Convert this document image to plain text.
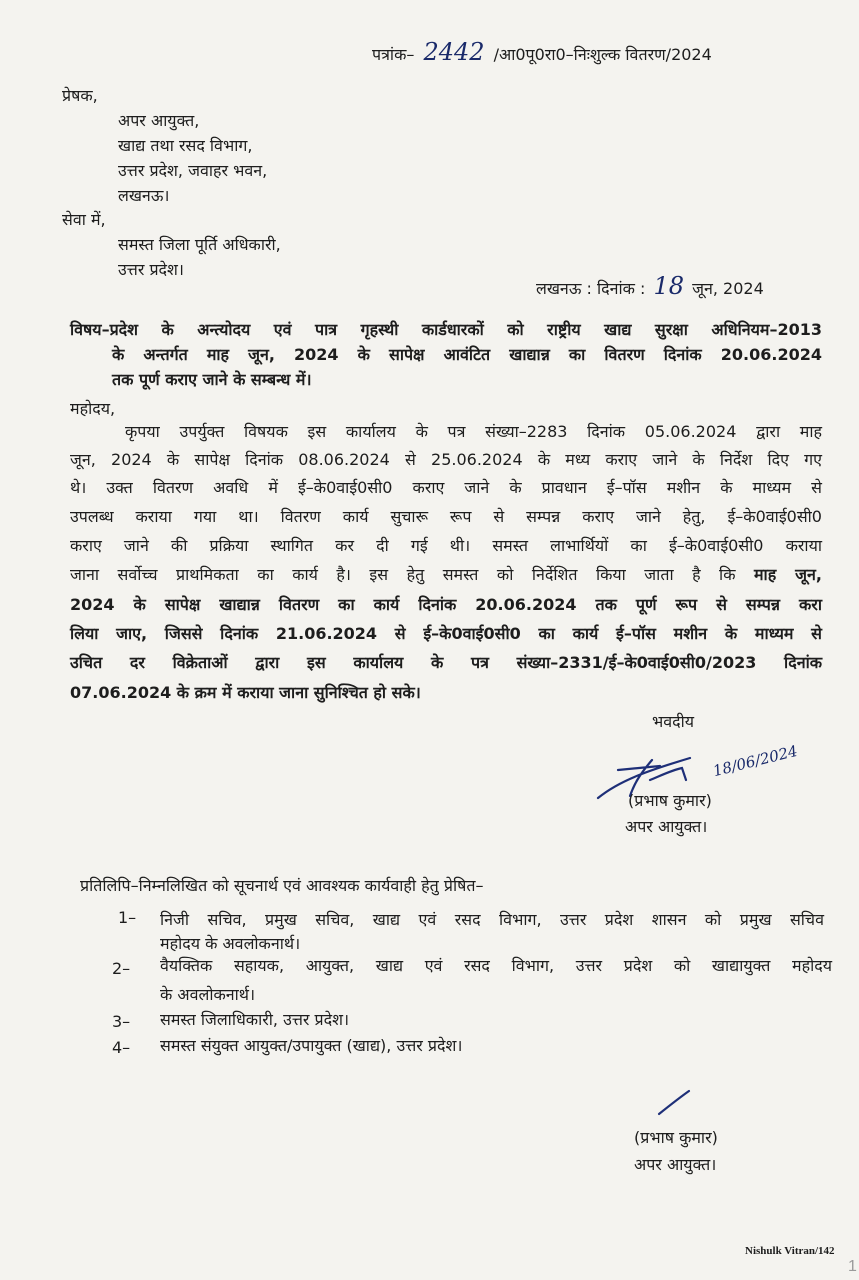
पत्रांक– 2442 /आ0पू0रा0–निःशुल्क वितरण/2024
प्रेषक,
अपर आयुक्त,
खाद्य तथा रसद विभाग,
उत्तर प्रदेश, जवाहर भवन,
लखनऊ।
सेवा में,
समस्त जिला पूर्ति अधिकारी,
उत्तर प्रदेश।
लखनऊ : दिनांक : 18 जून, 2024
विषय–प्रदेश के अन्त्योदय एवं पात्र गृहस्थी कार्डधारकों को राष्ट्रीय खाद्य सुरक्षा अधिनियम–2013
के अन्तर्गत माह जून, 2024 के सापेक्ष आवंटित खाद्यान्न का वितरण दिनांक 20.06.2024
तक पूर्ण कराए जाने के सम्बन्ध में।
महोदय,
कृपया उपर्युक्त विषयक इस कार्यालय के पत्र संख्या–2283 दिनांक 05.06.2024 द्वारा माह
जून, 2024 के सापेक्ष दिनांक 08.06.2024 से 25.06.2024 के मध्य कराए जाने के निर्देश दिए गए
थे। उक्त वितरण अवधि में ई–के0वाई0सी0 कराए जाने के प्रावधान ई–पॉस मशीन के माध्यम से
उपलब्ध कराया गया था। वितरण कार्य सुचारू रूप से सम्पन्न कराए जाने हेतु, ई–के0वाई0सी0
कराए जाने की प्रक्रिया स्थागित कर दी गई थी। समस्त लाभार्थियों का ई–के0वाई0सी0 कराया
जाना सर्वोच्च प्राथमिकता का कार्य है। इस हेतु समस्त को निर्देशित किया जाता है कि माह जून,
2024 के सापेक्ष खाद्यान्न वितरण का कार्य दिनांक 20.06.2024 तक पूर्ण रूप से सम्पन्न करा
लिया जाए, जिससे दिनांक 21.06.2024 से ई–के0वाई0सी0 का कार्य ई–पॉस मशीन के माध्यम से
उचित दर विक्रेताओं द्वारा इस कार्यालय के पत्र संख्या–2331/ई–के0वाई0सी0/2023 दिनांक
07.06.2024 के क्रम में कराया जाना सुनिश्चित हो सके।
भवदीय
18/06/2024
(प्रभाष कुमार)
अपर आयुक्त।
प्रतिलिपि–निम्नलिखित को सूचनार्थ एवं आवश्यक कार्यवाही हेतु प्रेषित–
1– निजी सचिव, प्रमुख सचिव, खाद्य एवं रसद विभाग, उत्तर प्रदेश शासन को प्रमुख सचिव
महोदय के अवलोकनार्थ।
2– वैयक्तिक सहायक, आयुक्त, खाद्य एवं रसद विभाग, उत्तर प्रदेश को खाद्यायुक्त महोदय
के अवलोकनार्थ।
3– समस्त जिलाधिकारी, उत्तर प्रदेश।
4– समस्त संयुक्त आयुक्त/उपायुक्त (खाद्य), उत्तर प्रदेश।
(प्रभाष कुमार)
अपर आयुक्त।
Nishulk Vitran/142
1
